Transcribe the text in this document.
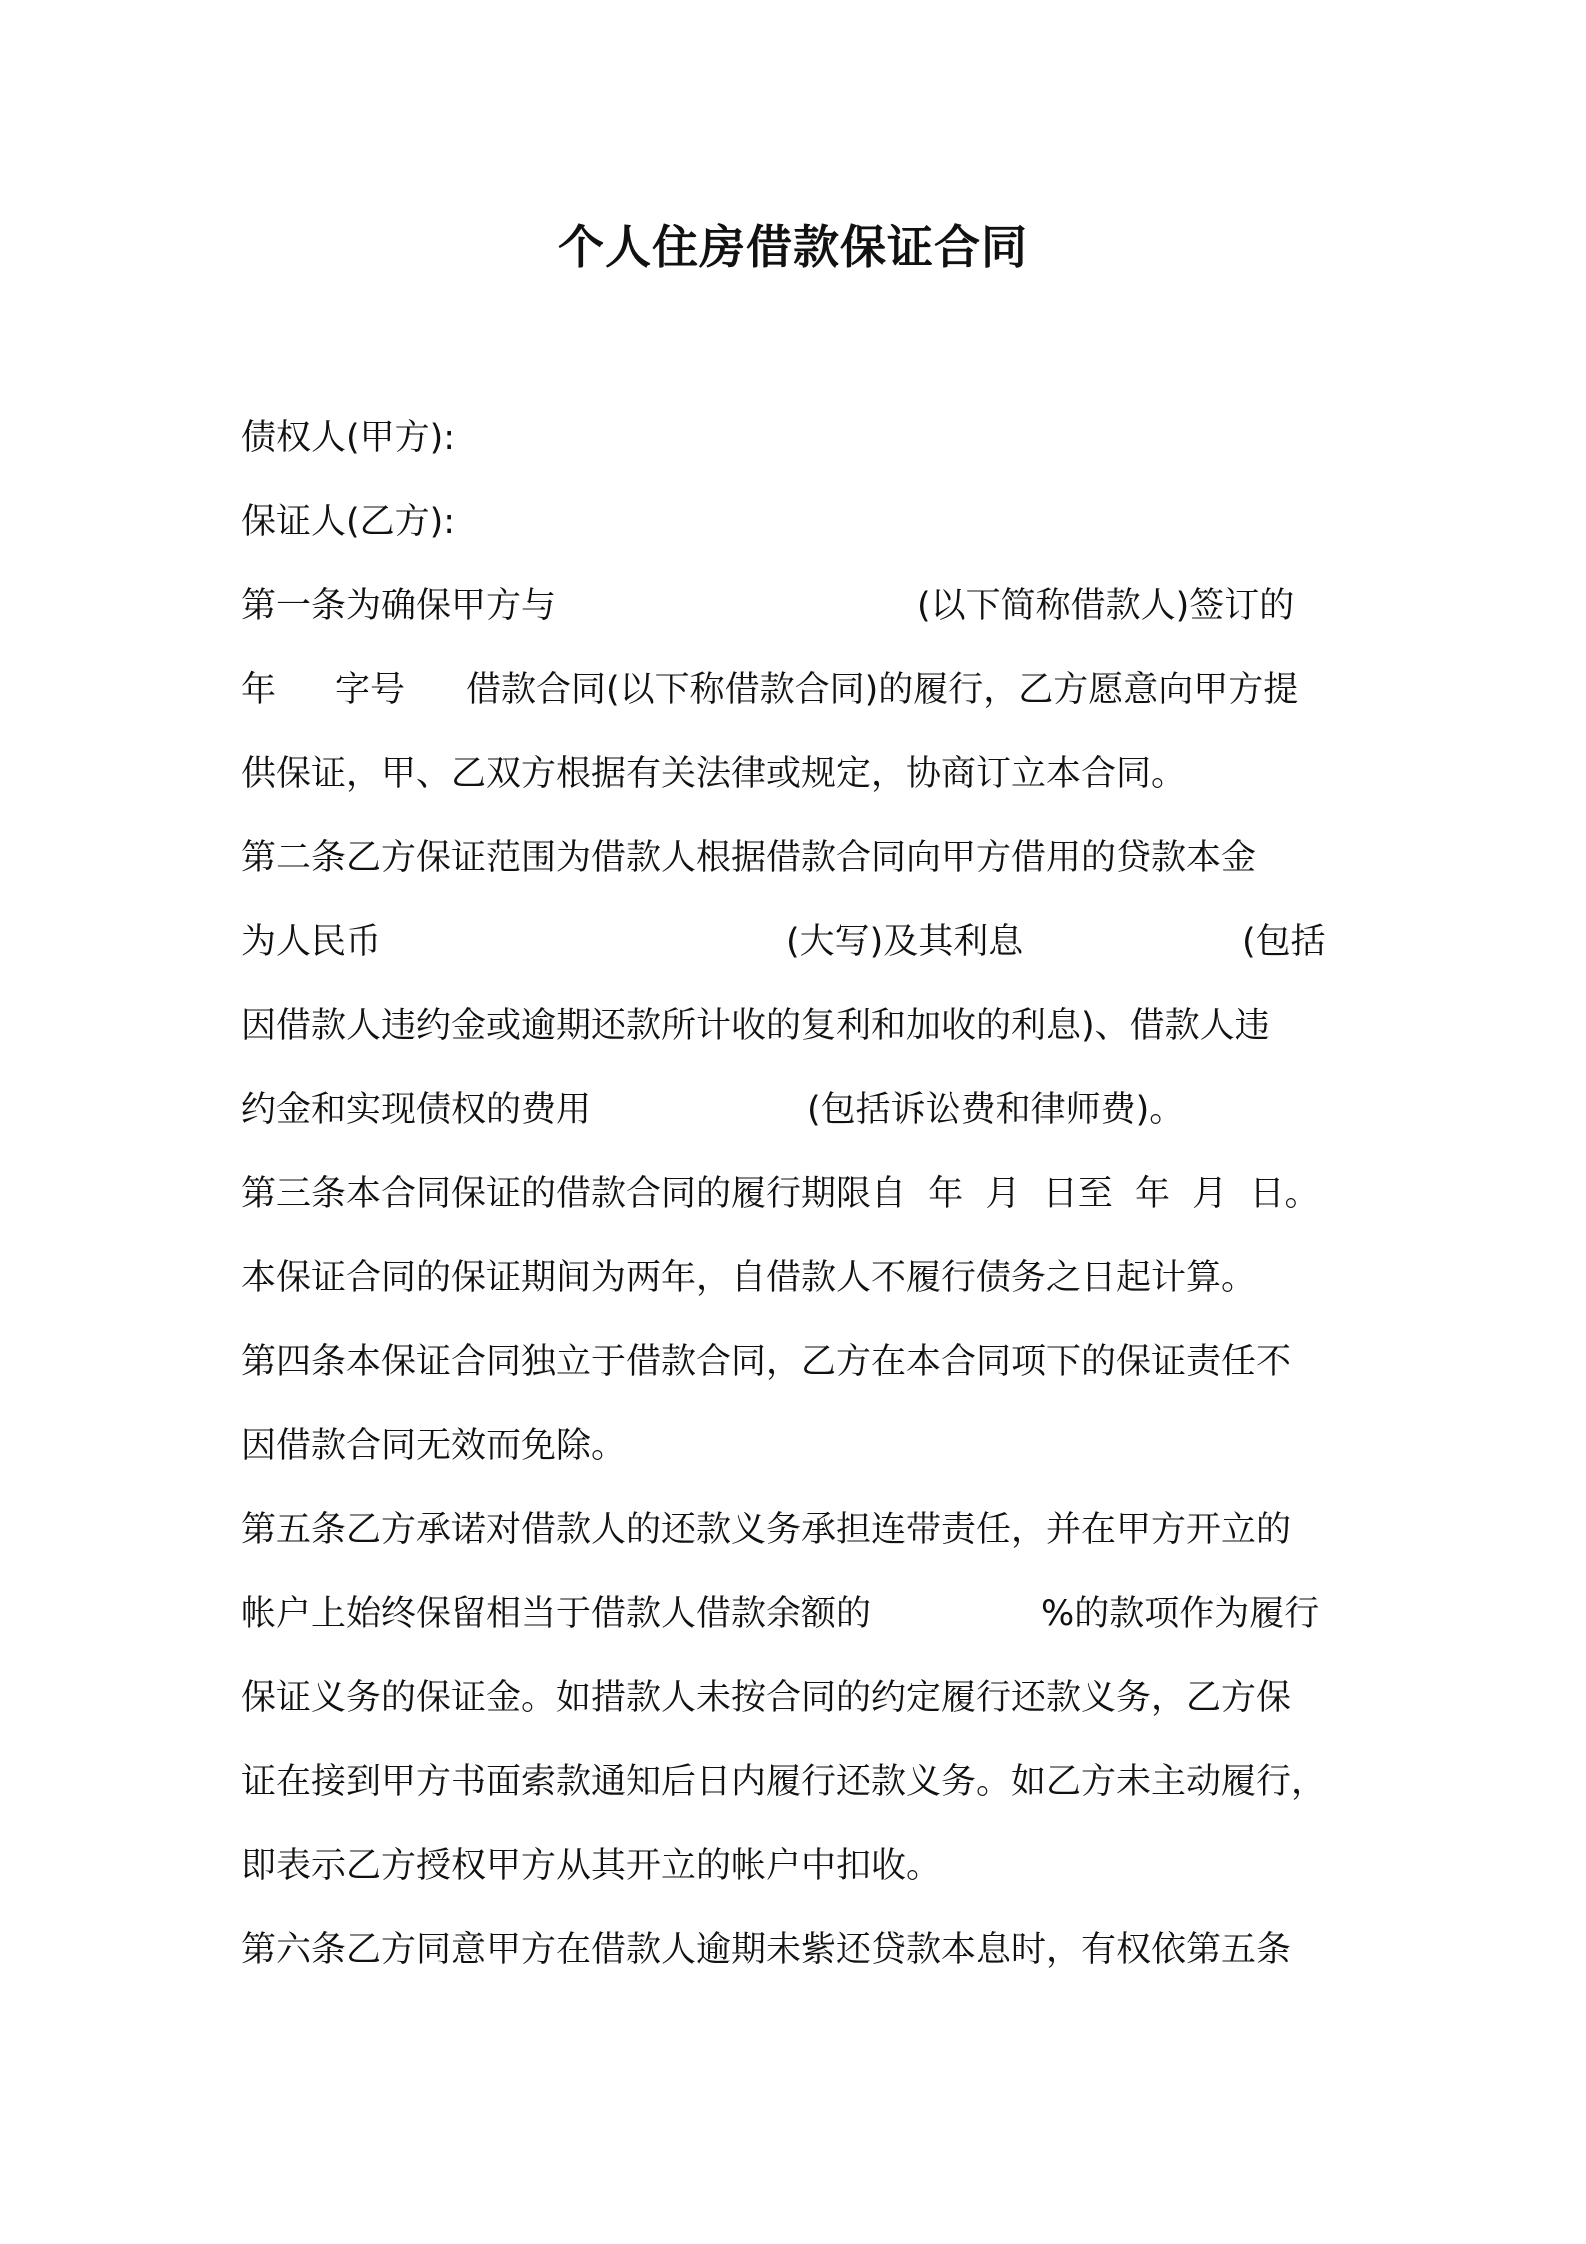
个人住房借款保证合同
债权人(甲方):
保证人(乙方):
第一条为确保甲方与	(以下简称借款人)签订的
年 字号 借款合同(以下称借款合同)的履行，乙方愿意向甲方提
供保证，甲、乙双方根据有关法律或规定，协商订立本合同。
第二条乙方保证范围为借款人根据借款合同向甲方借用的贷款本金
为人民币	(大写)及其利息	(包括
因借款人违约金或逾期还款所计收的复利和加收的利息)、借款人违
约金和实现债权的费用	(包括诉讼费和律师费)。
第三条本合同保证的借款合同的履行期限自  年  月  日至  年  月  日。
本保证合同的保证期间为两年，自借款人不履行债务之日起计算。
第四条本保证合同独立于借款合同，乙方在本合同项下的保证责任不
因借款合同无效而免除。
第五条乙方承诺对借款人的还款义务承担连带责任，并在甲方开立的
帐户上始终保留相当于借款人借款余额的	%的款项作为履行
保证义务的保证金。如措款人未按合同的约定履行还款义务，乙方保
证在接到甲方书面索款通知后日内履行还款义务。如乙方未主动履行，
即表示乙方授权甲方从其开立的帐户中扣收。
第六条乙方同意甲方在借款人逾期未紫还贷款本息时，有权依第五条
